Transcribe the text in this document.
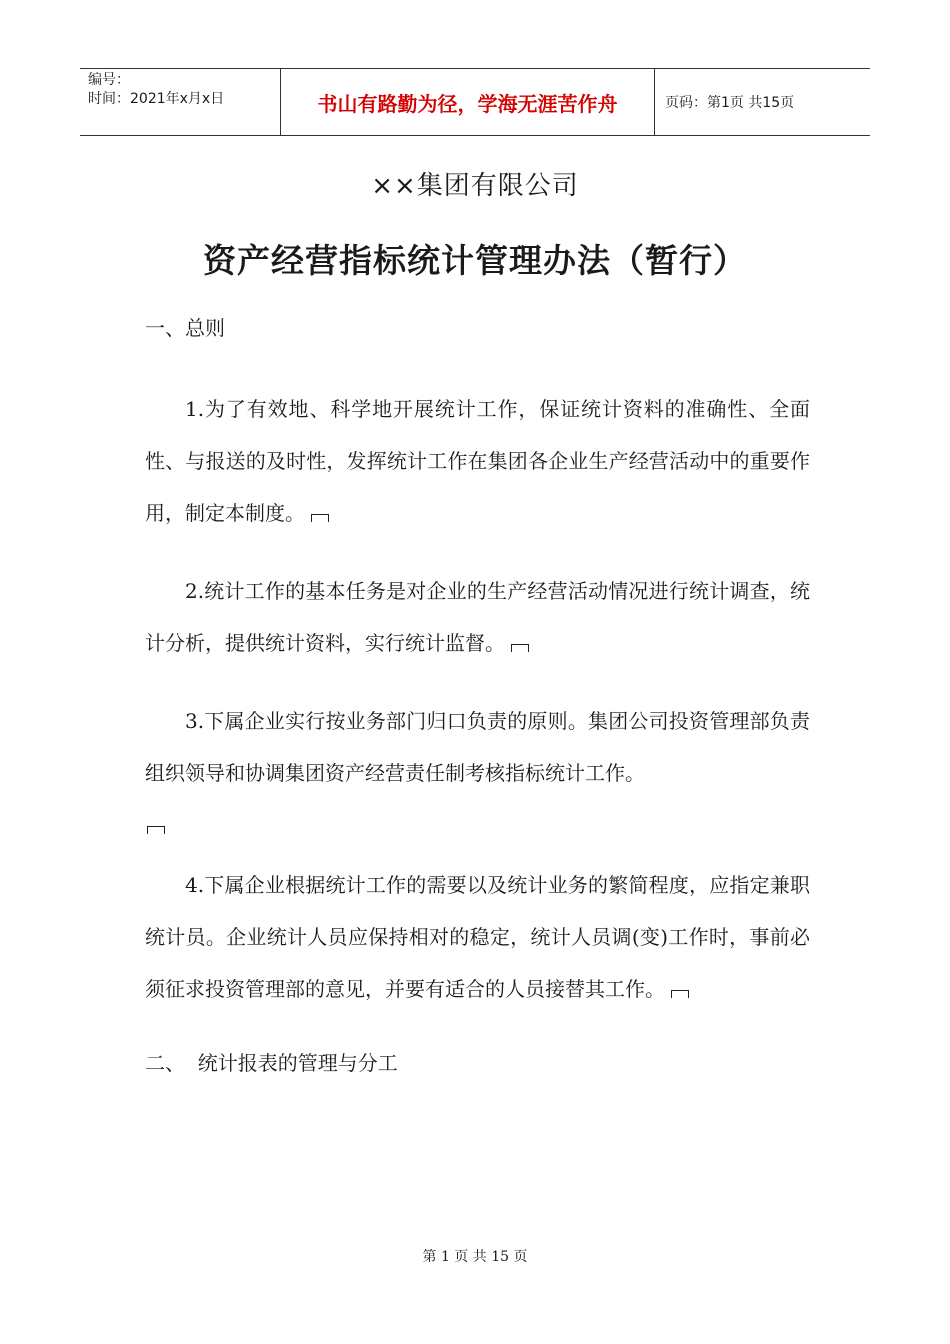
编号：
时间：2021年x月x日	书山有路勤为径，学海无涯苦作舟	页码：第1页 共15页
××集团有限公司
资产经营指标统计管理办法（暂行）

一、总则

1.为了有效地、科学地开展统计工作，保证统计资料的准确性、全面性、与报送的及时性，发挥统计工作在集团各企业生产经营活动中的重要作用，制定本制度。

2.统计工作的基本任务是对企业的生产经营活动情况进行统计调查，统计分析，提供统计资料，实行统计监督。

3.下属企业实行按业务部门归口负责的原则。集团公司投资管理部负责组织领导和协调集团资产经营责任制考核指标统计工作。

4.下属企业根据统计工作的需要以及统计业务的繁简程度，应指定兼职统计员。企业统计人员应保持相对的稳定，统计人员调(变)工作时，事前必须征求投资管理部的意见，并要有适合的人员接替其工作。

二、  统计报表的管理与分工

第 1 页 共 15 页
